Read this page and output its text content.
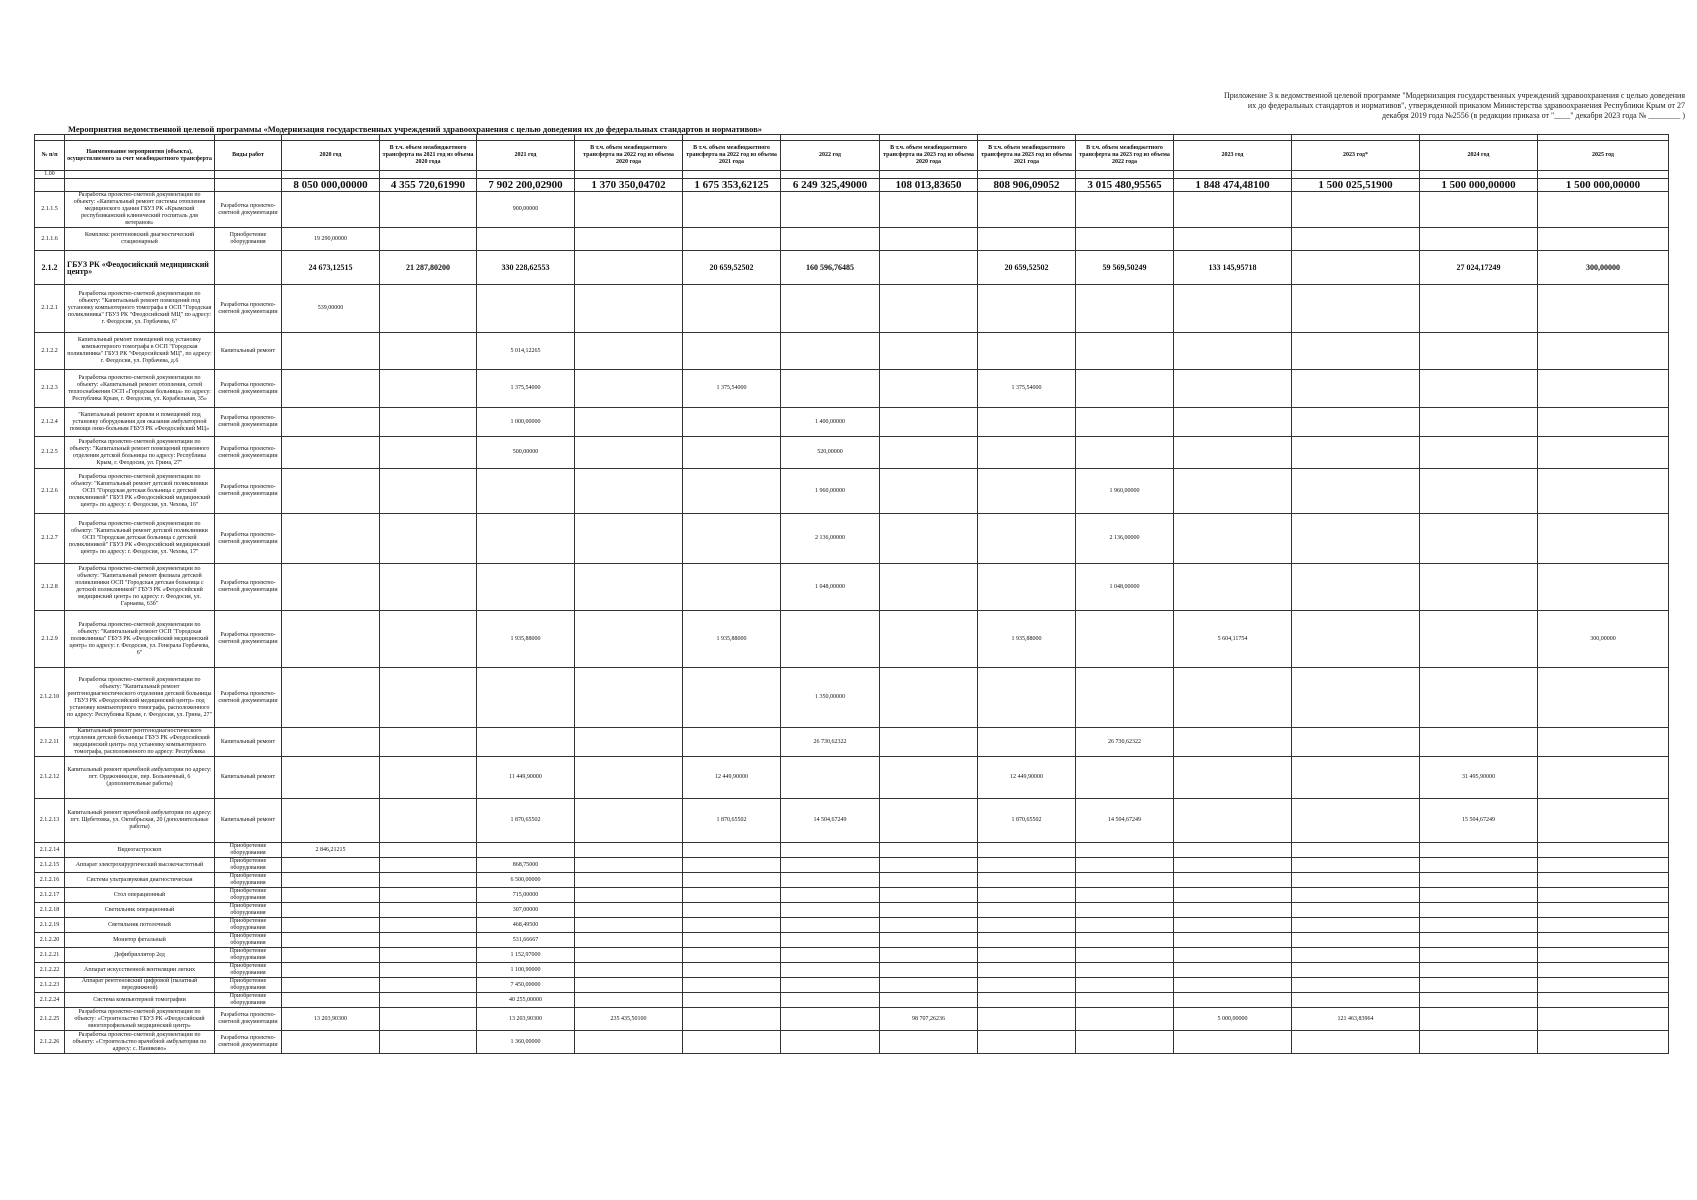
Приложение 3 к ведомственной целевой программе "Модернизация государственных учреждений здравоохранения с целью доведения
их до федеральных стандартов и нормативов", утвержденной приказом Министерства здравоохранения Республики Крым от 27
декабря 2019 года №2556 (в редакции приказа от "____" декабря 2023 года № ________ )
Мероприятия ведомственной целевой программы «Модернизация государственных учреждений здравоохранения с целью доведения их до федеральных стандартов и нормативов»

№ п/п	Наименование мероприятия (объекта), осуществляемого за счет межбюджетного трансферта	Виды работ	2020 год	В т.ч. объем межбюджетного трансферта на 2021 год из объема 2020 года	2021 год	В т.ч. объем межбюджетного трансферта на 2022 год из объема 2020 года	В т.ч. объем межбюджетного трансферта на 2022 год из объема 2021 года	2022 год	В т.ч. объем межбюджетного трансферта на 2023 год из объема 2020 года	В т.ч. объем межбюджетного трансферта на 2023 год из объема 2021 года	В т.ч. объем межбюджетного трансферта на 2023 год из объема 2022 года	2023 год	2023 год*	2024 год	2025 год
1.00															
			8 050 000,00000	4 355 720,61990	7 902 200,02900	1 370 350,04702	1 675 353,62125	6 249 325,49000	108 013,83650	808 906,09052	3 015 480,95565	1 848 474,48100	1 500 025,51900	1 500 000,00000	1 500 000,00000
2.1.1.5	Разработка проектно-сметной документации по объекту: «Капитальный ремонт системы отопления медицинского здания ГБУЗ РК «Крымский республиканский клинический госпиталь для ветеранов»	Разработка проектно-сметной документации			900,00000										
2.1.1.6	Комплекс рентгеновский диагностический стационарный	Приобретение оборудования	19 290,00000												
2.1.2	ГБУЗ РК «Феодосийский медицинский центр»		24 673,12515	21 287,80200	330 228,62553		20 659,52502	160 596,76485		20 659,52502	59 569,50249	133 145,95718		27 024,17249	300,00000
2.1.2.1	Разработка проектно-сметной документации по объекту: "Капитальный ремонт помещений под установку компьютерного томографа в ОСП "Городская поликлиника" ГБУЗ РК "Феодосийский МЦ" по адресу: г. Феодосия, ул. Горбачева, 6"	Разработка проектно-сметной документации	539,00000												
2.1.2.2	Капитальный ремонт помещений под установку компьютерного томографа в ОСП "Городская поликлиника" ГБУЗ РК "Феодосийский МЦ", по адресу: г. Феодосия, ул. Горбачева, д.6	Капитальный ремонт			5 014,12265										
2.1.2.3	Разработка проектно-сметной документации по объекту: «Капитальный ремонт отопления, сетей теплоснабжения ОСП «Городская больница» по адресу: Республика Крым, г. Феодосия, ул. Корабельная, 35»	Разработка проектно-сметной документации			1 375,54000		1 375,54000			1 375,54000					
2.1.2.4	"Капитальный ремонт кровли и помещений под установку оборудования для оказания амбулаторной помощи онко-больным ГБУЗ РК «Феодосийский МЦ»	Разработка проектно-сметной документации			1 000,00000			1 400,00000							
2.1.2.5	Разработка проектно-сметной документации по объекту: "Капитальный ремонт помещений приемного отделения детской больницы по адресу: Республика Крым, г. Феодосия, ул. Грина, 27"	Разработка проектно-сметной документации			500,00000			520,00000							
2.1.2.6	Разработка проектно-сметной документации по объекту: "Капитальный ремонт детской поликлиники ОСП "Городская детская больница с детской поликлиникой" ГБУЗ РК «Феодосийский медицинский центр» по адресу: г. Феодосия, ул. Чехова, 16"	Разработка проектно-сметной документации						1 960,00000			1 960,00000				
2.1.2.7	Разработка проектно-сметной документации по объекту: "Капитальный ремонт детской поликлиники ОСП "Городская детская больница с детской поликлиникой" ГБУЗ РК «Феодосийский медицинский центр» по адресу: г. Феодосия, ул. Чехова, 17"	Разработка проектно-сметной документации						2 136,00000			2 136,00000				
2.1.2.8	Разработка проектно-сметной документации по объекту: "Капитальный ремонт филиала детской поликлиники ОСП "Городская детская больница с детской поликлиникой" ГБУЗ РК «Феодосийский медицинский центр» по адресу: г. Феодосия, ул. Гарнаева, 63б"	Разработка проектно-сметной документации						1 048,00000			1 048,00000				
2.1.2.9	Разработка проектно-сметной документации по объекту: "Капитальный ремонт ОСП "Городская поликлиника" ГБУЗ РК «Феодосийский медицинский центр» по адресу: г. Феодосия, ул. Генерала Горбачева, 6"	Разработка проектно-сметной документации			1 935,88000		1 935,88000			1 935,88000		5 604,11754			300,00000
2.1.2.10	Разработка проектно-сметной документации по объекту: "Капитальный ремонт рентгенодиагностического отделения детской больницы ГБУЗ РК «Феодосийский медицинский центр» под установку компьютерного томографа, расположенного по адресу: Республика Крым, г. Феодосия, ул. Грина, 27"	Разработка проектно-сметной документации						1 350,00000							
2.1.2.11	Капитальный ремонт рентгенодиагностического отделения детской больницы ГБУЗ РК «Феодосийский медицинский центр» под установку компьютерного томографа, расположенного по адресу: Республика	Капитальный ремонт						26 730,62322			26 730,62322				
2.1.2.12	Капитальный ремонт врачебной амбулатории по адресу: пгт. Орджоникидзе, пер. Больничный, 6 (дополнительные работы)	Капитальный ремонт			11 449,90000		12 449,90000			12 449,90000				31 495,90000	
2.1.2.13	Капитальный ремонт врачебной амбулатории по адресу: пгт. Щебетовка, ул. Октябрьская, 20 (дополнительные работы)	Капитальный ремонт			1 870,65502		1 870,65502	14 504,67249		1 870,65502	14 504,67249			15 504,67249	
2.1.2.14	Видеогастроскоп	Приобретение оборудования	2 846,21215												
2.1.2.15	Аппарат электрохирургический высокочастотный	Приобретение оборудования			868,75000										
2.1.2.16	Система ультразвуковая диагностическая	Приобретение оборудования			6 500,00000										
2.1.2.17	Стол операционный	Приобретение оборудования			715,00000										
2.1.2.18	Светильник операционный	Приобретение оборудования			307,00000										
2.1.2.19	Светильник потолочный	Приобретение оборудования			468,49500										
2.1.2.20	Монитор фетальный	Приобретение оборудования			531,66667										
2.1.2.21	Дефибриллятор 2ед	Приобретение оборудования			1 152,97000										
2.1.2.22	Аппарат искусственной вентиляции легких	Приобретение оборудования			1 100,90000										
2.1.2.23	Аппарат рентгеновский цифровой (палатный передвижной)	Приобретение оборудования			7 450,00000										
2.1.2.24	Система компьютерной томографии	Приобретение оборудования			40 255,00000										
2.1.2.25	Разработка проектно-сметной документации по объекту: «Строительство ГБУЗ РК «Феодосийский многопрофильный медицинский центр»	Разработка проектно-сметной документации	13 203,90300		13 203,90300	235 435,50100			98 707,26236			5 000,00000	121 463,83964		
2.1.2.26	Разработка проектно-сметной документации по объекту: «Строительство врачебной амбулатории по адресу: с. Наниково»	Разработка проектно-сметной документации			1 360,00000										
